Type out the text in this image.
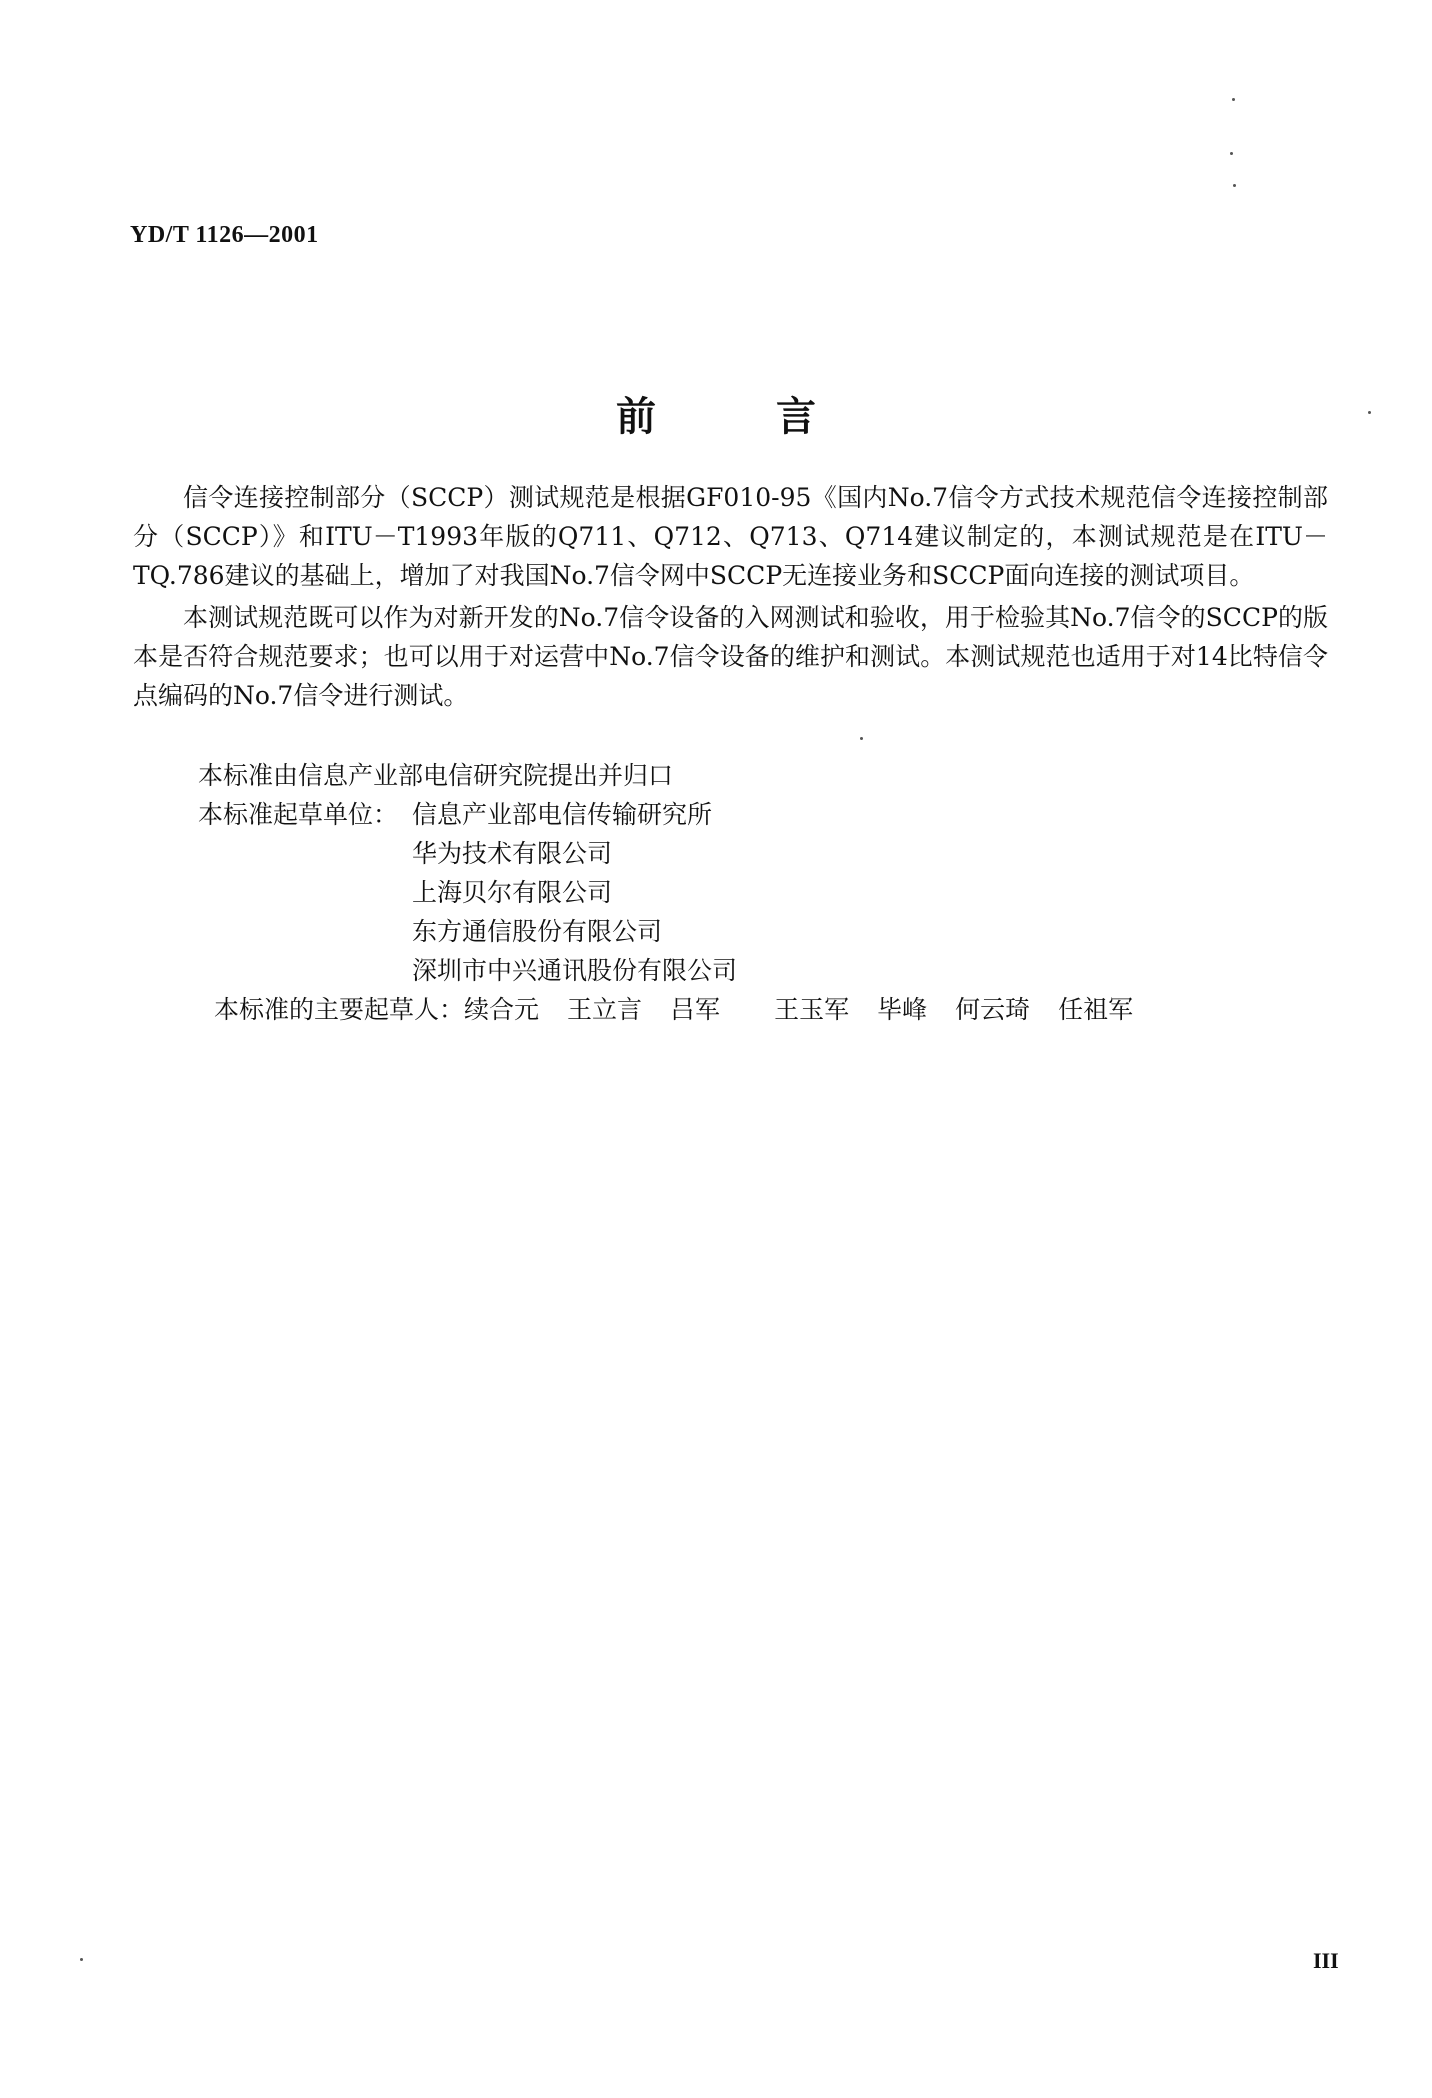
YD/T 1126—2001
前言

信令连接控制部分（SCCP）测试规范是根据GF010-95《国内No.7信令方式技术规范信令连接控制部分（SCCP）》和ITU－T1993年版的Q711、Q712、Q713、Q714建议制定的，本测试规范是在ITU－TQ.786建议的基础上，增加了对我国No.7信令网中SCCP无连接业务和SCCP面向连接的测试项目。

本测试规范既可以作为对新开发的No.7信令设备的入网测试和验收，用于检验其No.7信令的SCCP的版本是否符合规范要求；也可以用于对运营中No.7信令设备的维护和测试。本测试规范也适用于对14比特信令点编码的No.7信令进行测试。

本标准由信息产业部电信研究院提出并归口
本标准起草单位： 信息产业部电信传输研究所
华为技术有限公司
上海贝尔有限公司
东方通信股份有限公司
深圳市中兴通讯股份有限公司
本标准的主要起草人： 续合元 王立言 吕军 王玉军 毕峰 何云琦 任祖军
III
